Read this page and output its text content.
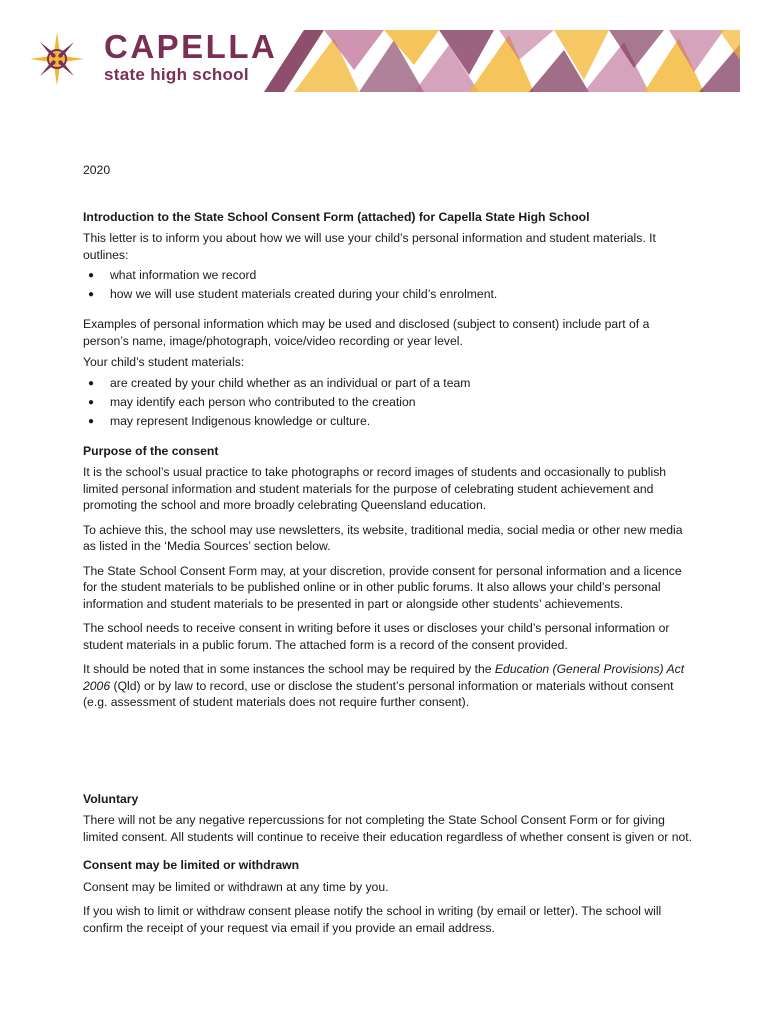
CAPELLA
state high school

2020

Introduction to the State School Consent Form (attached) for Capella State High School

This letter is to inform you about how we will use your child’s personal information and student materials. It outlines:

● what information we record
● how we will use student materials created during your child’s enrolment.

Examples of personal information which may be used and disclosed (subject to consent) include part of a person’s name, image/photograph, voice/video recording or year level.

Your child’s student materials:

● are created by your child whether as an individual or part of a team
● may identify each person who contributed to the creation
● may represent Indigenous knowledge or culture.

Purpose of the consent

It is the school’s usual practice to take photographs or record images of students and occasionally to publish limited personal information and student materials for the purpose of celebrating student achievement and promoting the school and more broadly celebrating Queensland education.

To achieve this, the school may use newsletters, its website, traditional media, social media or other new media as listed in the ‘Media Sources’ section below.

The State School Consent Form may, at your discretion, provide consent for personal information and a licence for the student materials to be published online or in other public forums. It also allows your child’s personal information and student materials to be presented in part or alongside other students’ achievements.

The school needs to receive consent in writing before it uses or discloses your child’s personal information or student materials in a public forum. The attached form is a record of the consent provided.

It should be noted that in some instances the school may be required by the Education (General Provisions) Act 2006 (Qld) or by law to record, use or disclose the student’s personal information or materials without consent (e.g. assessment of student materials does not require further consent).

Voluntary

There will not be any negative repercussions for not completing the State School Consent Form or for giving limited consent. All students will continue to receive their education regardless of whether consent is given or not.

Consent may be limited or withdrawn

Consent may be limited or withdrawn at any time by you.

If you wish to limit or withdraw consent please notify the school in writing (by email or letter). The school will confirm the receipt of your request via email if you provide an email address.
